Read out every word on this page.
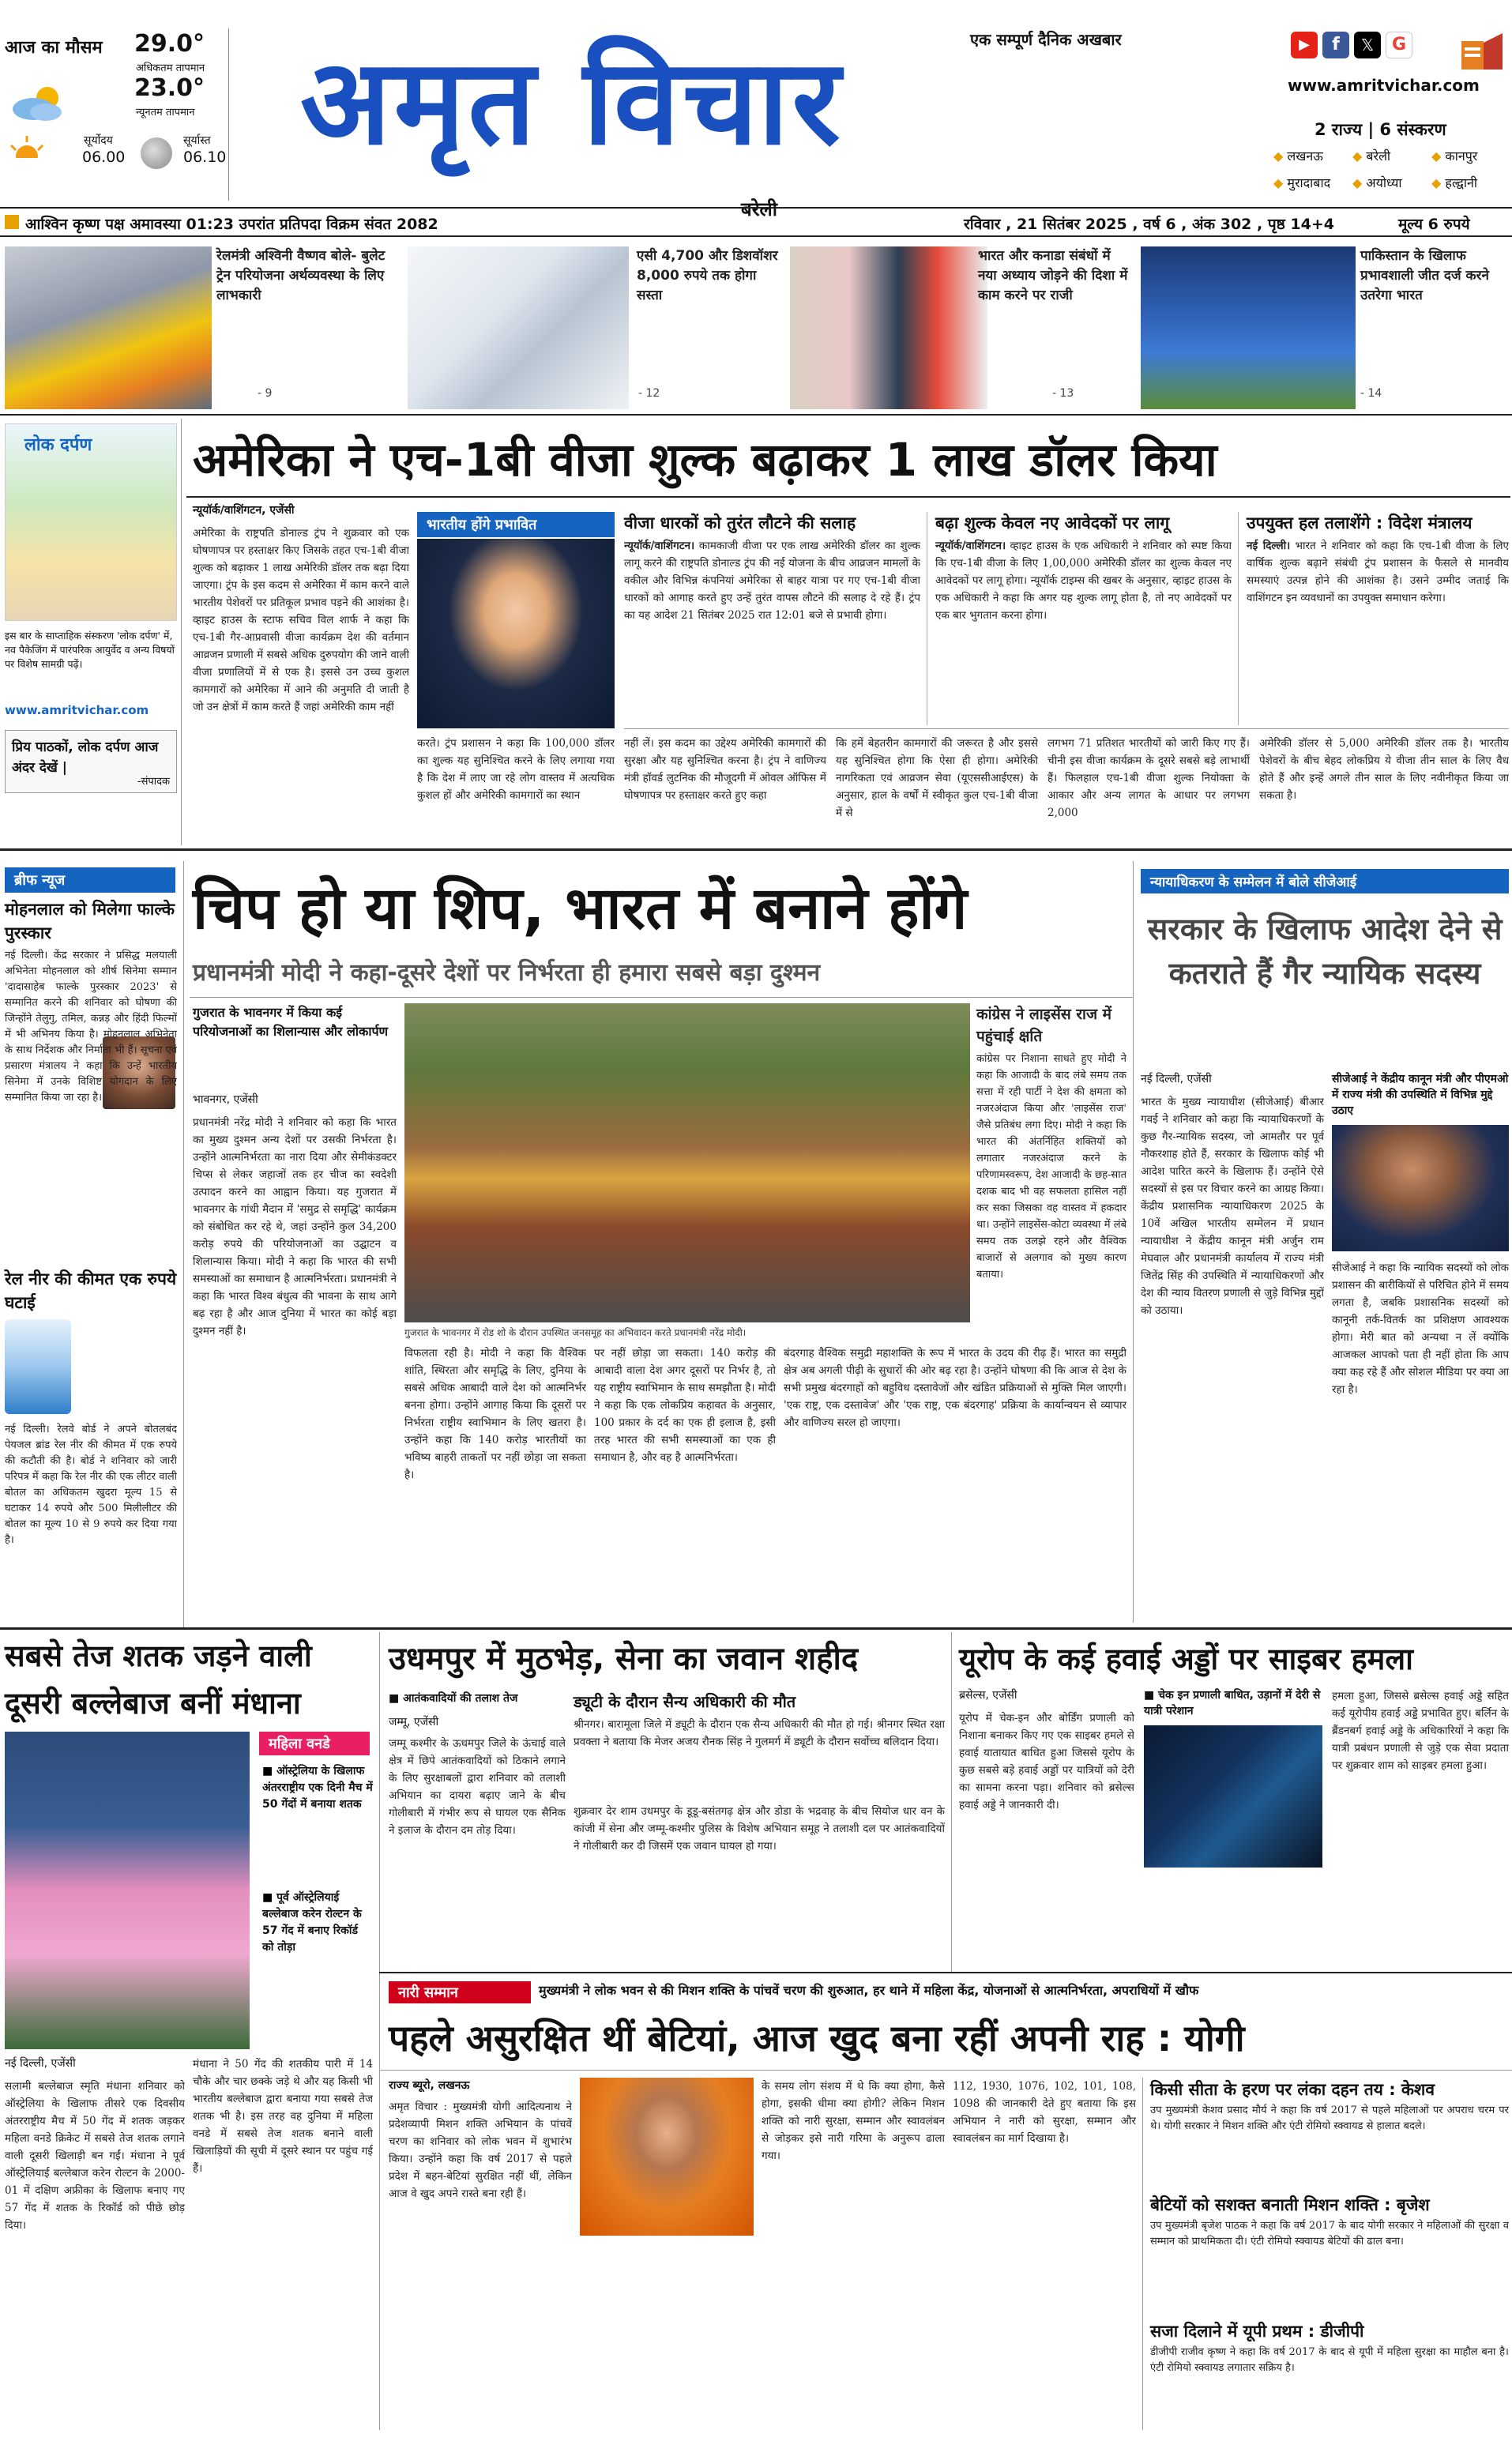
आज का मौसम 29.0°
अधिकतम तापमान
23.0°
न्यूनतम तापमान
सूर्योदय
06.00
सूर्यास्त
06.10
एक सम्पूर्ण दैनिक अखबार
अमृत विचार
बरेली
▶	f	𝕏	G
www.amritvichar.com
2 राज्य | 6 संस्करण
◆ लखनऊ ◆ बरेली	◆ कानपुर
◆ मुरादाबाद ◆ अयोध्या ◆ हल्द्वानी
आश्विन कृष्ण पक्ष अमावस्या 01:23 उपरांत प्रतिपदा विक्रम संवत 2082	रविवार , 21 सितंबर 2025 , वर्ष 6 , अंक 302 , पृष्ठ 14+4	मूल्य 6 रुपये
रेलमंत्री अश्विनी वैष्णव बोले- बुलेट ट्रेन परियोजना अर्थव्यवस्था के लिए लाभकारी
- 9
एसी 4,700 और डिशवॉशर 8,000 रुपये तक होगा सस्ता
- 12
भारत और कनाडा संबंधों में नया अध्याय जोड़ने की दिशा में काम करने पर राजी
- 13
पाकिस्तान के खिलाफ प्रभावशाली जीत दर्ज करने उतरेगा भारत
- 14
लोक दर्पण
इस बार के साप्ताहिक संस्करण 'लोक दर्पण' में, नव पैकेजिंग में पारंपरिक आयुर्वेद व अन्य विषयों पर विशेष सामग्री पढ़ें।
www.amritvichar.com
प्रिय पाठकों, लोक दर्पण आज अंदर देखें |
-संपादक
अमेरिका ने एच-1बी वीजा शुल्क बढ़ाकर 1 लाख डॉलर किया
न्यूयॉर्क/वाशिंगटन, एजेंसी
अमेरिका के राष्ट्रपति डोनाल्ड ट्रंप ने शुक्रवार को एक घोषणापत्र पर हस्ताक्षर किए जिसके तहत एच-1बी वीजा शुल्क को बढ़ाकर 1 लाख अमेरिकी डॉलर तक बढ़ा दिया जाएगा। ट्रंप के इस कदम से अमेरिका में काम करने वाले भारतीय पेशेवरों पर प्रतिकूल प्रभाव पड़ने की आशंका है। व्हाइट हाउस के स्टाफ सचिव विल शार्फ ने कहा कि एच-1बी गैर-आप्रवासी वीजा कार्यक्रम देश की वर्तमान आव्रजन प्रणाली में सबसे अधिक दुरुपयोग की जाने वाली वीजा प्रणालियों में से एक है। इससे उन उच्च कुशल कामगारों को अमेरिका में आने की अनुमति दी जाती है जो उन क्षेत्रों में काम करते हैं जहां अमेरिकी काम नहीं
भारतीय होंगे प्रभावित
करते। ट्रंप प्रशासन ने कहा कि 100,000 डॉलर का शुल्क यह सुनिश्चित करने के लिए लगाया गया है कि देश में लाए जा रहे लोग वास्तव में अत्यधिक कुशल हों और अमेरिकी कामगारों का स्थान
नहीं लें। इस कदम का उद्देश्य अमेरिकी कामगारों की सुरक्षा और यह सुनिश्चित करना है। ट्रंप ने वाणिज्य मंत्री हॉवर्ड लुटनिक की मौजूदगी में ओवल ऑफिस में घोषणापत्र पर हस्ताक्षर करते हुए कहा
कि हमें बेहतरीन कामगारों की जरूरत है और इससे यह सुनिश्चित होगा कि ऐसा ही होगा। अमेरिकी नागरिकता एवं आव्रजन सेवा (यूएससीआईएस) के अनुसार, हाल के वर्षों में स्वीकृत कुल एच-1बी वीजा में से
लगभग 71 प्रतिशत भारतीयों को जारी किए गए हैं। चीनी इस वीजा कार्यक्रम के दूसरे सबसे बड़े लाभार्थी हैं। फिलहाल एच-1बी वीजा शुल्क नियोक्ता के आकार और अन्य लागत के आधार पर लगभग 2,000
अमेरिकी डॉलर से 5,000 अमेरिकी डॉलर तक है। भारतीय पेशेवरों के बीच बेहद लोकप्रिय ये वीजा तीन साल के लिए वैध होते हैं और इन्हें अगले तीन साल के लिए नवीनीकृत किया जा सकता है।
वीजा धारकों को तुरंत लौटने की सलाह
न्यूयॉर्क/वाशिंगटन। कामकाजी वीजा पर एक लाख अमेरिकी डॉलर का शुल्क लागू करने की राष्ट्रपति डोनाल्ड ट्रंप की नई योजना के बीच आव्रजन मामलों के वकील और विभिन्न कंपनियां अमेरिका से बाहर यात्रा पर गए एच-1बी वीजा धारकों को आगाह करते हुए उन्हें तुरंत वापस लौटने की सलाह दे रहे हैं। ट्रंप का यह आदेश 21 सितंबर 2025 रात 12:01 बजे से प्रभावी होगा।
बढ़ा शुल्क केवल नए आवेदकों पर लागू
न्यूयॉर्क/वाशिंगटन। व्हाइट हाउस के एक अधिकारी ने शनिवार को स्पष्ट किया कि एच-1बी वीजा के लिए 1,00,000 अमेरिकी डॉलर का शुल्क केवल नए आवेदकों पर लागू होगा। न्यूयॉर्क टाइम्स की खबर के अनुसार, व्हाइट हाउस के एक अधिकारी ने कहा कि अगर यह शुल्क लागू होता है, तो नए आवेदकों पर एक बार भुगतान करना होगा।
उपयुक्त हल तलाशेंगे : विदेश मंत्रालय
नई दिल्ली। भारत ने शनिवार को कहा कि एच-1बी वीजा के लिए वार्षिक शुल्क बढ़ाने संबंधी ट्रंप प्रशासन के फैसले से मानवीय समस्याएं उत्पन्न होने की आशंका है। उसने उम्मीद जताई कि वाशिंगटन इन व्यवधानों का उपयुक्त समाधान करेगा।
ब्रीफ न्यूज
मोहनलाल को मिलेगा फाल्के पुरस्कार
नई दिल्ली। केंद्र सरकार ने प्रसिद्ध मलयाली अभिनेता मोहनलाल को शीर्ष सिनेमा सम्मान 'दादासाहेब फाल्के पुरस्कार 2023' से सम्मानित करने की शनिवार को घोषणा की जिन्होंने तेलुगु, तमिल, कन्नड़ और हिंदी फिल्मों में भी अभिनय किया है। मोहनलाल अभिनेता के साथ निर्देशक और निर्माता भी हैं। सूचना एवं प्रसारण मंत्रालय ने कहा कि उन्हें भारतीय सिनेमा में उनके विशिष्ट योगदान के लिए सम्मानित किया जा रहा है।
रेल नीर की कीमत एक रुपये घटाई
नई दिल्ली। रेलवे बोर्ड ने अपने बोतलबंद पेयजल ब्रांड रेल नीर की कीमत में एक रुपये की कटौती की है। बोर्ड ने शनिवार को जारी परिपत्र में कहा कि रेल नीर की एक लीटर वाली बोतल का अधिकतम खुदरा मूल्य 15 से घटाकर 14 रुपये और 500 मिलीलीटर की बोतल का मूल्य 10 से 9 रुपये कर दिया गया है।
चिप हो या शिप, भारत में बनाने होंगे
प्रधानमंत्री मोदी ने कहा-दूसरे देशों पर निर्भरता ही हमारा सबसे बड़ा दुश्मन
गुजरात के भावनगर में किया कई परियोजनाओं का शिलान्यास और लोकार्पण
भावनगर, एजेंसी
प्रधानमंत्री नरेंद्र मोदी ने शनिवार को कहा कि भारत का मुख्य दुश्मन अन्य देशों पर उसकी निर्भरता है। उन्होंने आत्मनिर्भरता का नारा दिया और सेमीकंडक्टर चिप्स से लेकर जहाजों तक हर चीज का स्वदेशी उत्पादन करने का आह्वान किया। यह गुजरात में भावनगर के गांधी मैदान में 'समुद्र से समृद्धि' कार्यक्रम को संबोधित कर रहे थे, जहां उन्होंने कुल 34,200 करोड़ रुपये की परियोजनाओं का उद्घाटन व शिलान्यास किया। मोदी ने कहा कि भारत की सभी समस्याओं का समाधान है आत्मनिर्भरता। प्रधानमंत्री ने कहा कि भारत विश्व बंधुत्व की भावना के साथ आगे बढ़ रहा है और आज दुनिया में भारत का कोई बड़ा दुश्मन नहीं है।	गुजरात के भावनगर में रोड शो के दौरान उपस्थित जनसमूह का अभिवादन करते प्रधानमंत्री नरेंद्र मोदी।
विफलता रही है। मोदी ने कहा कि वैश्विक शांति, स्थिरता और समृद्धि के लिए, दुनिया के सबसे अधिक आबादी वाले देश को आत्मनिर्भर बनना होगा। उन्होंने आगाह किया कि दूसरों पर निर्भरता राष्ट्रीय स्वाभिमान के लिए खतरा है। उन्होंने कहा कि 140 करोड़ भारतीयों का भविष्य बाहरी ताकतों पर नहीं छोड़ा जा सकता है।
पर नहीं छोड़ा जा सकता। 140 करोड़ की आबादी वाला देश अगर दूसरों पर निर्भर है, तो यह राष्ट्रीय स्वाभिमान के साथ समझौता है। मोदी ने कहा कि एक लोकप्रिय कहावत के अनुसार, 100 प्रकार के दर्द का एक ही इलाज है, इसी तरह भारत की सभी समस्याओं का एक ही समाधान है, और वह है आत्मनिर्भरता।
बंदरगाह वैश्विक समुद्री महाशक्ति के रूप में भारत के उदय की रीढ़ हैं। भारत का समुद्री क्षेत्र अब अगली पीढ़ी के सुधारों की ओर बढ़ रहा है। उन्होंने घोषणा की कि आज से देश के सभी प्रमुख बंदरगाहों को बहुविध दस्तावेजों और खंडित प्रक्रियाओं से मुक्ति मिल जाएगी। 'एक राष्ट्र, एक दस्तावेज' और 'एक राष्ट्र, एक बंदरगाह' प्रक्रिया के कार्यान्वयन से व्यापार और वाणिज्य सरल हो जाएगा।
कांग्रेस ने लाइसेंस राज में पहुंचाई क्षति
कांग्रेस पर निशाना साधते हुए मोदी ने कहा कि आजादी के बाद लंबे समय तक सत्ता में रही पार्टी ने देश की क्षमता को नजरअंदाज किया और 'लाइसेंस राज' जैसे प्रतिबंध लगा दिए। मोदी ने कहा कि भारत की अंतर्निहित शक्तियों को लगातार नजरअंदाज करने के परिणामस्वरूप, देश आजादी के छह-सात दशक बाद भी वह सफलता हासिल नहीं कर सका जिसका वह वास्तव में हकदार था। उन्होंने लाइसेंस-कोटा व्यवस्था में लंबे समय तक उलझे रहने और वैश्विक बाजारों से अलगाव को मुख्य कारण बताया।
न्यायाधिकरण के सम्मेलन में बोले सीजेआई
सरकार के खिलाफ आदेश देने से कतराते हैं गैर न्यायिक सदस्य
नई दिल्ली, एजेंसी	सीजेआई ने केंद्रीय कानून मंत्री और पीएमओ में राज्य मंत्री की उपस्थिति में विभिन्न मुद्दे उठाए
भारत के मुख्य न्यायाधीश (सीजेआई) बीआर गवई ने शनिवार को कहा कि न्यायाधिकरणों के कुछ गैर-न्यायिक सदस्य, जो आमतौर पर पूर्व नौकरशाह होते हैं, सरकार के खिलाफ कोई भी आदेश पारित करने के खिलाफ हैं। उन्होंने ऐसे सदस्यों से इस पर विचार करने का आग्रह किया। केंद्रीय प्रशासनिक न्यायाधिकरण 2025 के 10वें अखिल भारतीय सम्मेलन में प्रधान न्यायाधीश ने केंद्रीय कानून मंत्री अर्जुन राम मेघवाल और प्रधानमंत्री कार्यालय में राज्य मंत्री जितेंद्र सिंह की उपस्थिति में न्यायाधिकरणों और देश की न्याय वितरण प्रणाली से जुड़े विभिन्न मुद्दों को उठाया।
सीजेआई ने कहा कि न्यायिक सदस्यों को लोक प्रशासन की बारीकियों से परिचित होने में समय लगता है, जबकि प्रशासनिक सदस्यों को कानूनी तर्क-वितर्क का प्रशिक्षण आवश्यक होगा। मेरी बात को अन्यथा न लें क्योंकि आजकल आपको पता ही नहीं होता कि आप क्या कह रहे हैं और सोशल मीडिया पर क्या आ रहा है।
सबसे तेज शतक जड़ने वाली दूसरी बल्लेबाज बनीं मंधाना
महिला वनडे
■ ऑस्ट्रेलिया के खिलाफ अंतरराष्ट्रीय एक दिनी मैच में 50 गेंदों में बनाया शतक
■ पूर्व ऑस्ट्रेलियाई बल्लेबाज करेन रोल्टन के 57 गेंद में बनाए रिकॉर्ड को तोड़ा
नई दिल्ली, एजेंसी
सलामी बल्लेबाज स्मृति मंधाना शनिवार को ऑस्ट्रेलिया के खिलाफ तीसरे एक दिवसीय अंतरराष्ट्रीय मैच में 50 गेंद में शतक जड़कर महिला वनडे क्रिकेट में सबसे तेज शतक लगाने वाली दूसरी खिलाड़ी बन गईं। मंधाना ने पूर्व ऑस्ट्रेलियाई बल्लेबाज करेन रोल्टन के 2000-01 में दक्षिण अफ्रीका के खिलाफ बनाए गए 57 गेंद में शतक के रिकॉर्ड को पीछे छोड़ दिया।
मंधाना ने 50 गेंद की शतकीय पारी में 14 चौके और चार छक्के जड़े थे और यह किसी भी भारतीय बल्लेबाज द्वारा बनाया गया सबसे तेज शतक भी है। इस तरह वह दुनिया में महिला वनडे में सबसे तेज शतक बनाने वाली खिलाड़ियों की सूची में दूसरे स्थान पर पहुंच गई हैं।
उधमपुर में मुठभेड़, सेना का जवान शहीद
■ आतंकवादियों की तलाश तेज
जम्मू, एजेंसी
जम्मू कश्मीर के ऊधमपुर जिले के ऊंचाई वाले क्षेत्र में छिपे आतंकवादियों को ठिकाने लगाने के लिए सुरक्षाबलों द्वारा शनिवार को तलाशी अभियान का दायरा बढ़ाए जाने के बीच गोलीबारी में गंभीर रूप से घायल एक सैनिक ने इलाज के दौरान दम तोड़ दिया।
ड्यूटी के दौरान सैन्य अधिकारी की मौत
श्रीनगर। बारामूला जिले में ड्यूटी के दौरान एक सैन्य अधिकारी की मौत हो गई। श्रीनगर स्थित रक्षा प्रवक्ता ने बताया कि मेजर अजय रौनक सिंह ने गुलमर्ग में ड्यूटी के दौरान सर्वोच्च बलिदान दिया।
शुक्रवार देर शाम उधमपुर के डूडू-बसंतगढ़ क्षेत्र और डोडा के भद्रवाह के बीच सियोज धार वन के कांजी में सेना और जम्मू-कश्मीर पुलिस के विशेष अभियान समूह ने तलाशी दल पर आतंकवादियों ने गोलीबारी कर दी जिसमें एक जवान घायल हो गया।
यूरोप के कई हवाई अड्डों पर साइबर हमला
ब्रसेल्स, एजेंसी
यूरोप में चेक-इन और बोर्डिंग प्रणाली को निशाना बनाकर किए गए एक साइबर हमले से हवाई यातायात बाधित हुआ जिससे यूरोप के कुछ सबसे बड़े हवाई अड्डों पर यात्रियों को देरी का सामना करना पड़ा। शनिवार को ब्रसेल्स हवाई अड्डे ने जानकारी दी।
■ चेक इन प्रणाली बाधित, उड़ानों में देरी से यात्री परेशान
हमला हुआ, जिससे ब्रसेल्स हवाई अड्डे सहित कई यूरोपीय हवाई अड्डे प्रभावित हुए। बर्लिन के ब्रैंडनबर्ग हवाई अड्डे के अधिकारियों ने कहा कि यात्री प्रबंधन प्रणाली से जुड़े एक सेवा प्रदाता पर शुक्रवार शाम को साइबर हमला हुआ।
नारी सम्मान	मुख्यमंत्री ने लोक भवन से की मिशन शक्ति के पांचवें चरण की शुरुआत, हर थाने में महिला केंद्र, योजनाओं से आत्मनिर्भरता, अपराधियों में खौफ
पहले असुरक्षित थीं बेटियां, आज खुद बना रहीं अपनी राह : योगी
राज्य ब्यूरो, लखनऊ
अमृत विचार : मुख्यमंत्री योगी आदित्यनाथ ने प्रदेशव्यापी मिशन शक्ति अभियान के पांचवें चरण का शनिवार को लोक भवन में शुभारंभ किया। उन्होंने कहा कि वर्ष 2017 से पहले प्रदेश में बहन-बेटियां सुरक्षित नहीं थीं, लेकिन आज वे खुद अपने रास्ते बना रही हैं।
के समय लोग संशय में थे कि क्या होगा, कैसे होगा, इसकी धीमा क्या होगी? लेकिन मिशन शक्ति को नारी सुरक्षा, सम्मान और स्वावलंबन से जोड़कर इसे नारी गरिमा के अनुरूप ढाला गया।
112, 1930, 1076, 102, 101, 108, 1098 की जानकारी देते हुए बताया कि इस अभियान ने नारी को सुरक्षा, सम्मान और स्वावलंबन का मार्ग दिखाया है।
किसी सीता के हरण पर लंका दहन तय : केशव
उप मुख्यमंत्री केशव प्रसाद मौर्य ने कहा कि वर्ष 2017 से पहले महिलाओं पर अपराध चरम पर थे। योगी सरकार ने मिशन शक्ति और एंटी रोमियो स्क्वायड से हालात बदले।
बेटियों को सशक्त बनाती मिशन शक्ति : बृजेश
उप मुख्यमंत्री बृजेश पाठक ने कहा कि वर्ष 2017 के बाद योगी सरकार ने महिलाओं की सुरक्षा व सम्मान को प्राथमिकता दी। एंटी रोमियो स्क्वायड बेटियों की ढाल बना।
सजा दिलाने में यूपी प्रथम : डीजीपी
डीजीपी राजीव कृष्ण ने कहा कि वर्ष 2017 के बाद से यूपी में महिला सुरक्षा का माहौल बना है। एंटी रोमियो स्क्वायड लगातार सक्रिय है।
